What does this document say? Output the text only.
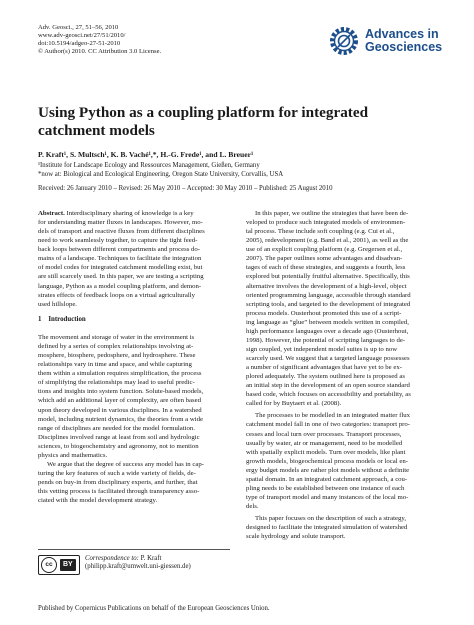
Adv. Geosci., 27, 51–56, 2010
www.adv-geosci.net/27/51/2010/
doi:10.5194/adgeo-27-51-2010
© Author(s) 2010. CC Attribution 3.0 License.
Advances in
Geosciences
Using Python as a coupling platform for integrated
catchment models
P. Kraft¹, S. Multsch¹, K. B. Vaché¹,*, H.-G. Frede¹, and L. Breuer¹
¹Institute for Landscape Ecology and Ressources Management, Gießen, Germany
*now at: Biological and Ecological Engineering, Oregon State University, Corvallis, USA
Received: 26 January 2010 – Revised: 26 May 2010 – Accepted: 30 May 2010 – Published: 25 August 2010
Abstract. Interdisciplinary sharing of knowledge is a key
for understanding matter fluxes in landscapes. However, mo-
dels of transport and reactive fluxes from different disciplines
need to work seamlessly together, to capture the tight feed-
back loops between different compartments and process do-
mains of a landscape. Techniques to facilitate the integration
of model codes for integrated catchment modelling exist, but
are still scarcely used. In this paper, we are testing a scripting
language, Python as a model coupling platform, and demon-
strates effects of feedback loops on a virtual agriculturally
used hillslope.
1 Introduction
The movement and storage of water in the environment is
defined by a series of complex relationships involving at-
mosphere, biosphere, pedosphere, and hydrosphere. These
relationships vary in time and space, and while capturing
them within a simulation requires simplification, the process
of simplifying the relationships may lead to useful predic-
tions and insights into system function. Solute-based models,
which add an additional layer of complexity, are often based
upon theory developed in various disciplines. In a watershed
model, including nutrient dynamics, the theories from a wide
range of disciplines are needed for the model formulation.
Disciplines involved range at least from soil and hydrologic
sciences, to biogeochemistry and agronomy, not to mention
physics and mathematics.
We argue that the degree of success any model has in cap-
turing the key features of such a wide variety of fields, de-
pends on buy-in from disciplinary experts, and further, that
this vetting process is facilitated through transparency asso-
ciated with the model development strategy.
cc	BY
Correspondence to: P. Kraft
(philipp.kraft@umwelt.uni-giessen.de)
In this paper, we outline the strategies that have been de-
veloped to produce such integrated models of environmen-
tal process. These include soft coupling (e.g. Cui et al.,
2005), redevelopment (e.g. Band et al., 2001), as well as the
use of an explicit coupling platform (e.g. Gregersen et al.,
2007). The paper outlines some advantages and disadvan-
tages of each of these strategies, and suggests a fourth, less
explored but potentially fruitful alternative. Specifically, this
alternative involves the development of a high-level, object
oriented programming language, accessible through standard
scripting tools, and targeted to the development of integrated
process models. Ousterhout promoted this use of a script-
ing language as “glue” between models written in compiled,
high performance languages over a decade ago (Ousterhout,
1998). However, the potential of scripting languages to de-
sign coupled, yet independent model suites is up to now
scarcely used. We suggest that a targeted language possesses
a number of significant advantages that have yet to be ex-
plored adequately. The system outlined here is proposed as
an initial step in the development of an open source standard
based code, which focuses on accessibility and portability, as
called for by Buytaert et al. (2008).
The processes to be modelled in an integrated matter flux
catchment model fall in one of two categories: transport pro-
cesses and local turn over processes. Transport processes,
usually by water, air or management, need to be modelled
with spatially explicit models. Turn over models, like plant
growth models, biogeochemical process models or local en-
ergy budget models are rather plot models without a definite
spatial domain. In an integrated catchment approach, a cou-
pling needs to be established between one instance of each
type of transport model and many instances of the local mo-
dels.
This paper focuses on the description of such a strategy,
designed to facilitate the integrated simulation of watershed
scale hydrology and solute transport.
Published by Copernicus Publications on behalf of the European Geosciences Union.
